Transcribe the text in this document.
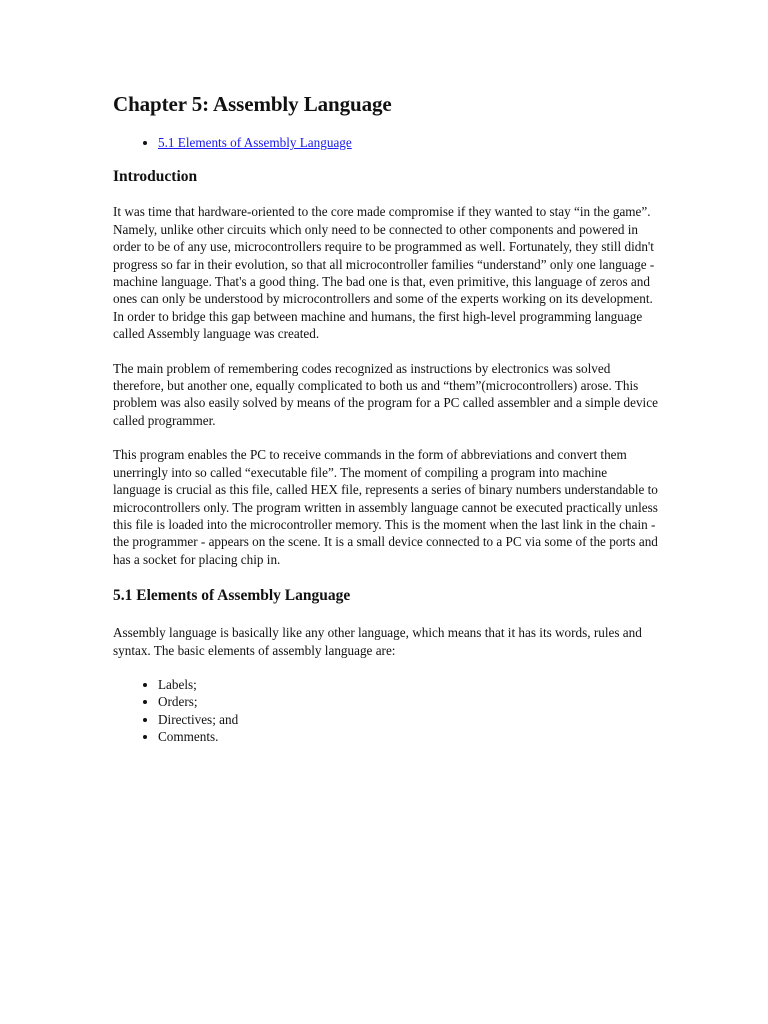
Chapter 5: Assembly Language
• 5.1 Elements of Assembly Language
Introduction

It was time that hardware-oriented to the core made compromise if they wanted to stay “in the game”. Namely, unlike other circuits which only need to be connected to other components and powered in order to be of any use, microcontrollers require to be programmed as well. Fortunately, they still didn't progress so far in their evolution, so that all microcontroller families “understand” only one language - machine language. That's a good thing. The bad one is that, even primitive, this language of zeros and ones can only be understood by microcontrollers and some of the experts working on its development. In order to bridge this gap between machine and humans, the first high-level programming language called Assembly language was created.

The main problem of remembering codes recognized as instructions by electronics was solved therefore, but another one, equally complicated to both us and “them”(microcontrollers) arose. This problem was also easily solved by means of the program for a PC called assembler and a simple device called programmer.

This program enables the PC to receive commands in the form of abbreviations and convert them unerringly into so called “executable file”. The moment of compiling a program into machine language is crucial as this file, called HEX file, represents a series of binary numbers understandable to microcontrollers only. The program written in assembly language cannot be executed practically unless this file is loaded into the microcontroller memory. This is the moment when the last link in the chain - the programmer - appears on the scene. It is a small device connected to a PC via some of the ports and has a socket for placing chip in.

5.1 Elements of Assembly Language

Assembly language is basically like any other language, which means that it has its words, rules and syntax. The basic elements of assembly language are:

• Labels;
• Orders;
• Directives; and
• Comments.
